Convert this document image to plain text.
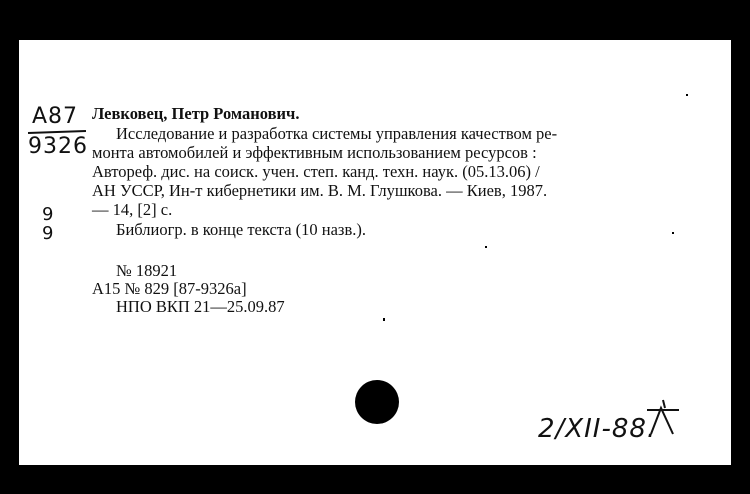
A87
9326
Левковец, Петр Романович.
Исследование и разработка системы управления качеством ре-
монта автомобилей и эффективным использованием ресурсов :
Автореф. дис. на соиск. учен. степ. канд. техн. наук. (05.13.06) /
АН УССР, Ин-т кибернетики им. В. М. Глушкова. — Киев, 1987.
— 14, [2] с.
Библиогр. в конце текста (10 назв.).
9
9
№ 18921
А15 № 829 [87-9326а]
НПО ВКП 21—25.09.87
2/XII-88.
